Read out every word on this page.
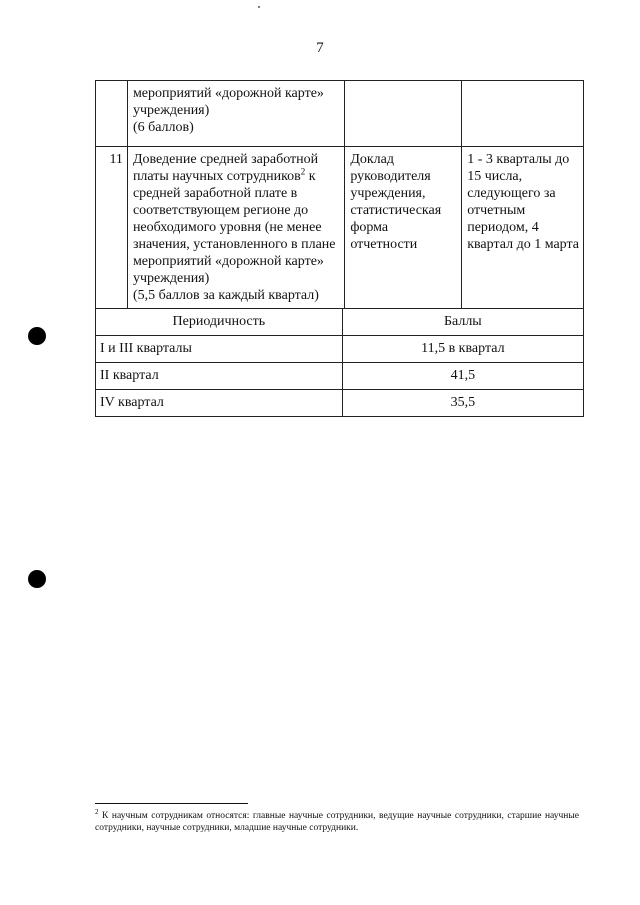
7
	мероприятий «дорожной карте» учреждения)
(6 баллов)		
11	Доведение средней заработной платы научных сотрудников$^2$ к средней заработной плате в соответствующем регионе до необходимого уровня (не менее значения, установленного в плане мероприятий «дорожной карте» учреждения)
(5,5 баллов за каждый квартал)	Доклад руководителя учреждения, статистическая форма отчетности	1 - 3 кварталы до 15 числа, следующего за отчетным периодом, 4 квартал до 1 марта
Периодичность	Баллы
I и III кварталы	11,5 в квартал
II квартал	41,5
IV квартал	35,5
$^2$ К научным сотрудникам относятся: главные научные сотрудники, ведущие научные сотрудники, старшие научные сотрудники, научные сотрудники, младшие научные сотрудники.
